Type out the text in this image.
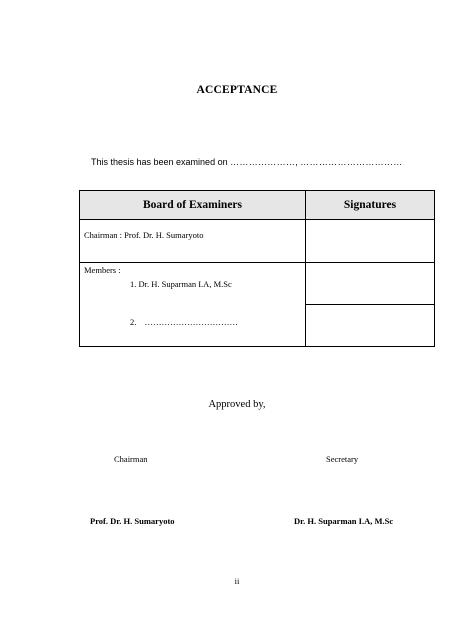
ACCEPTANCE
This thesis has been examined on …………………, ……………………………
Board of Examiners	Signatures

Chairman : Prof. Dr. H. Sumaryoto	

Members :
1. Dr. H. Suparman I.A, M.Sc
2. ……………………………	

Approved by,
Chairman	Secretary
Prof. Dr. H. Sumaryoto	Dr. H. Suparman I.A, M.Sc
ii
